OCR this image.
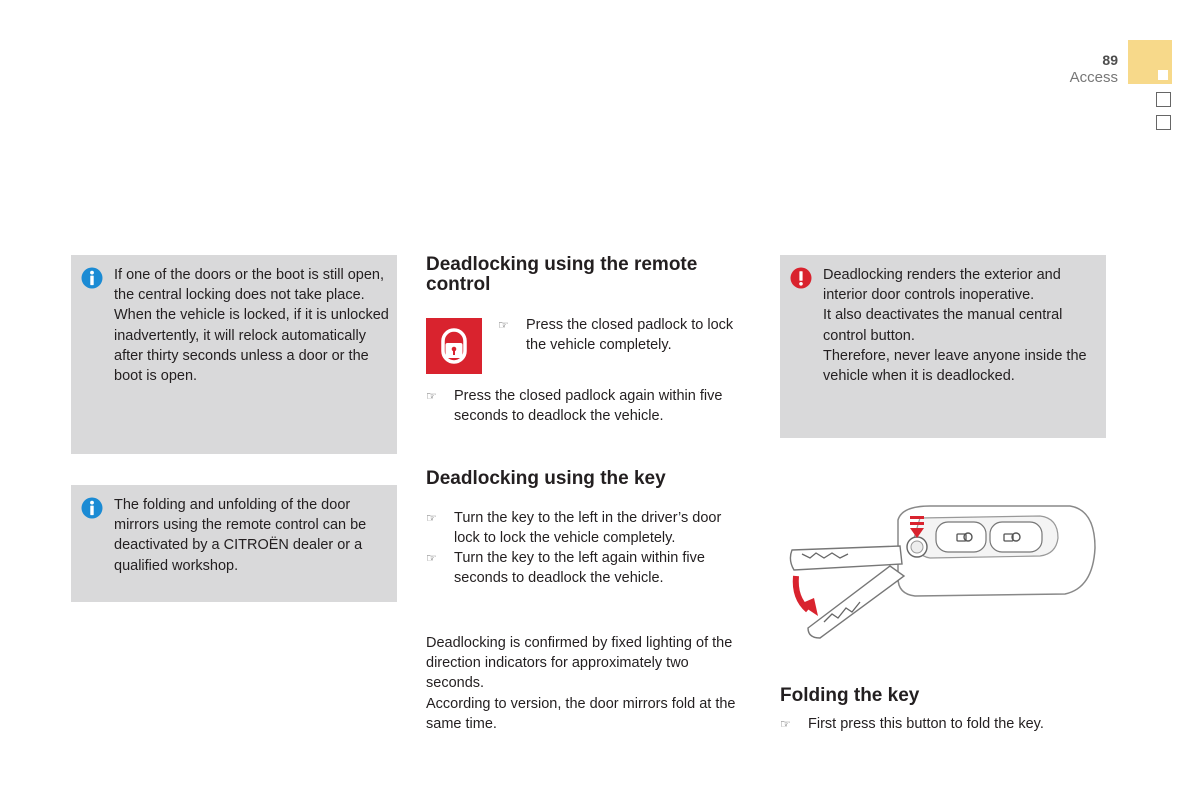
89
Access

If one of the doors or the boot is still open, the central locking does not take place.

When the vehicle is locked, if it is unlocked inadvertently, it will relock automatically after thirty seconds unless a door or the boot is open.

The folding and unfolding of the door mirrors using the remote control can be deactivated by a CITROËN dealer or a qualified workshop.

Deadlocking using the remote control
☞ Press the closed padlock to lock the vehicle completely.
☞ Press the closed padlock again within five seconds to deadlock the vehicle.
Deadlocking using the key
☞ Turn the key to the left in the driver’s door lock to lock the vehicle completely.
☞ Turn the key to the left again within five seconds to deadlock the vehicle.

Deadlocking is confirmed by fixed lighting of the direction indicators for approximately two seconds.

According to version, the door mirrors fold at the same time.

Deadlocking renders the exterior and interior door controls inoperative.

It also deactivates the manual central control button.

Therefore, never leave anyone inside the vehicle when it is deadlocked.

Folding the key
☞ First press this button to fold the key.
